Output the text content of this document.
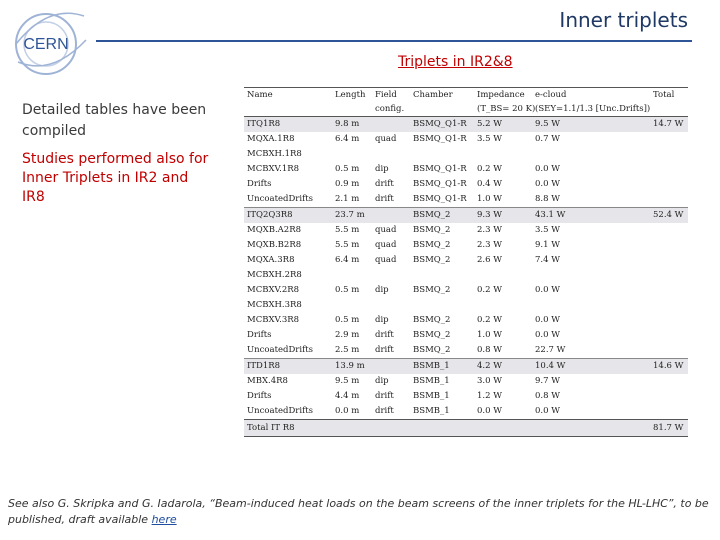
CERN
Inner triplets
Triplets in IR2&8
Detailed tables have been compiled
Studies performed also for Inner Triplets in IR2 and IR8
Name	Length	Field	Chamber	Impedance	e-cloud	Total
		config.		(T_BS= 20 K)	(SEY=1.1/1.3 [Unc.Drifts])	
ITQ1R8	9.8 m		BSMQ_Q1-R	5.2 W	9.5 W	14.7 W
MQXA.1R8	6.4 m	quad	BSMQ_Q1-R	3.5 W	0.7 W	
MCBXH.1R8						
MCBXV.1R8	0.5 m	dip	BSMQ_Q1-R	0.2 W	0.0 W	
Drifts	0.9 m	drift	BSMQ_Q1-R	0.4 W	0.0 W	
UncoatedDrifts	2.1 m	drift	BSMQ_Q1-R	1.0 W	8.8 W	
ITQ2Q3R8	23.7 m		BSMQ_2	9.3 W	43.1 W	52.4 W
MQXB.A2R8	5.5 m	quad	BSMQ_2	2.3 W	3.5 W	
MQXB.B2R8	5.5 m	quad	BSMQ_2	2.3 W	9.1 W	
MQXA.3R8	6.4 m	quad	BSMQ_2	2.6 W	7.4 W	
MCBXH.2R8						
MCBXV.2R8	0.5 m	dip	BSMQ_2	0.2 W	0.0 W	
MCBXH.3R8						
MCBXV.3R8	0.5 m	dip	BSMQ_2	0.2 W	0.0 W	
Drifts	2.9 m	drift	BSMQ_2	1.0 W	0.0 W	
UncoatedDrifts	2.5 m	drift	BSMQ_2	0.8 W	22.7 W	
ITD1R8	13.9 m		BSMB_1	4.2 W	10.4 W	14.6 W
MBX.4R8	9.5 m	dip	BSMB_1	3.0 W	9.7 W	
Drifts	4.4 m	drift	BSMB_1	1.2 W	0.8 W	
UncoatedDrifts	0.0 m	drift	BSMB_1	0.0 W	0.0 W	
Total IT R8						81.7 W
See also G. Skripka and G. Iadarola, “Beam-induced heat loads on the beam screens of the inner triplets for the HL-LHC”, to be published, draft available here
